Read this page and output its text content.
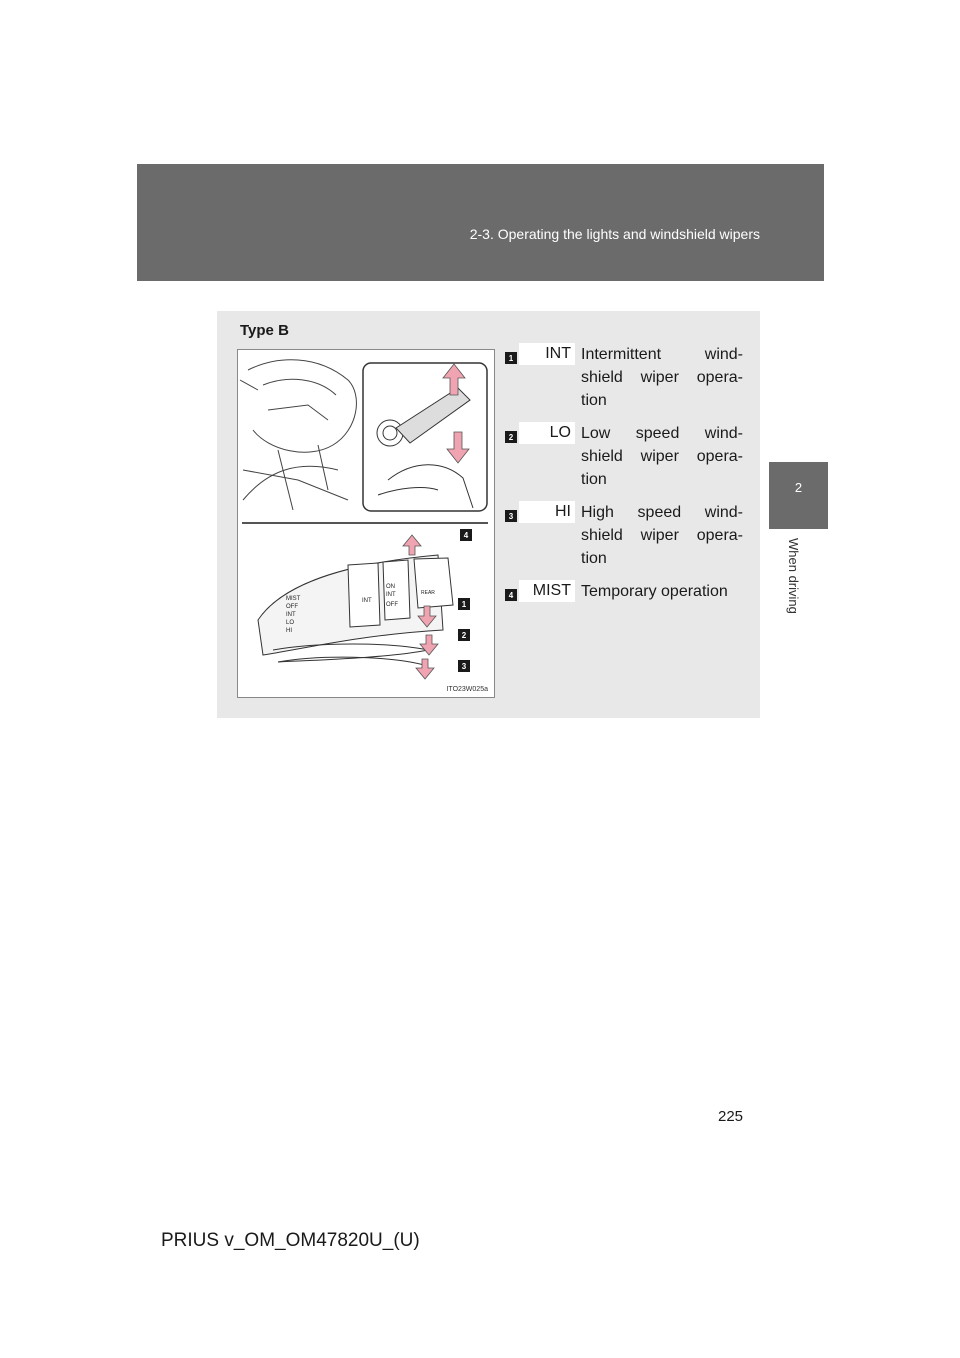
2-3. Operating the lights and windshield wipers
2
When driving
Type B
MIST
OFF
INT
LO
HI
INT
ON
INT
OFF
REAR
ITO23W025a
4
1
2
3
1	INT Intermittent wind- shield wiper opera- tion
2	LO Low speed wind- shield wiper opera- tion
3	HI High speed wind- shield wiper opera- tion
4	MIST Temporary operation
225
PRIUS v_OM_OM47820U_(U)
